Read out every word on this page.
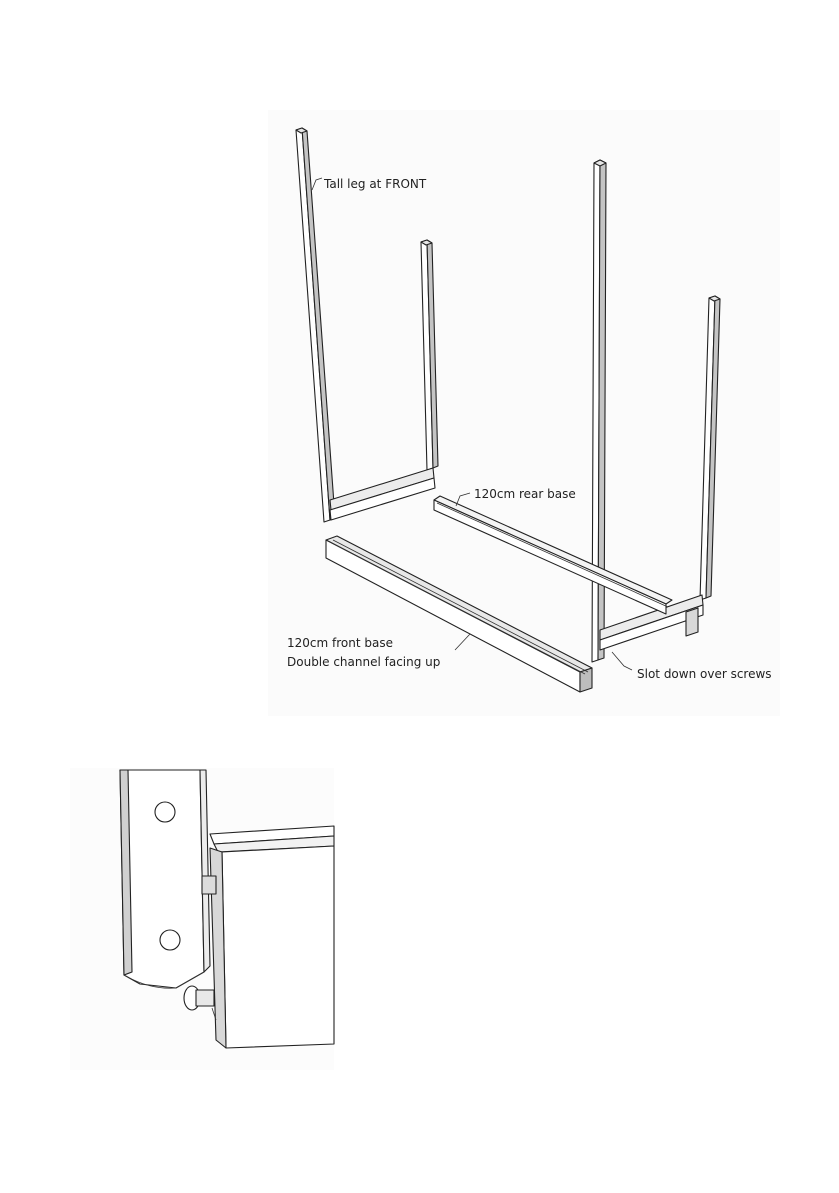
Tall leg at FRONT
120cm rear base
120cm front base
Double channel facing up
Slot down over screws
